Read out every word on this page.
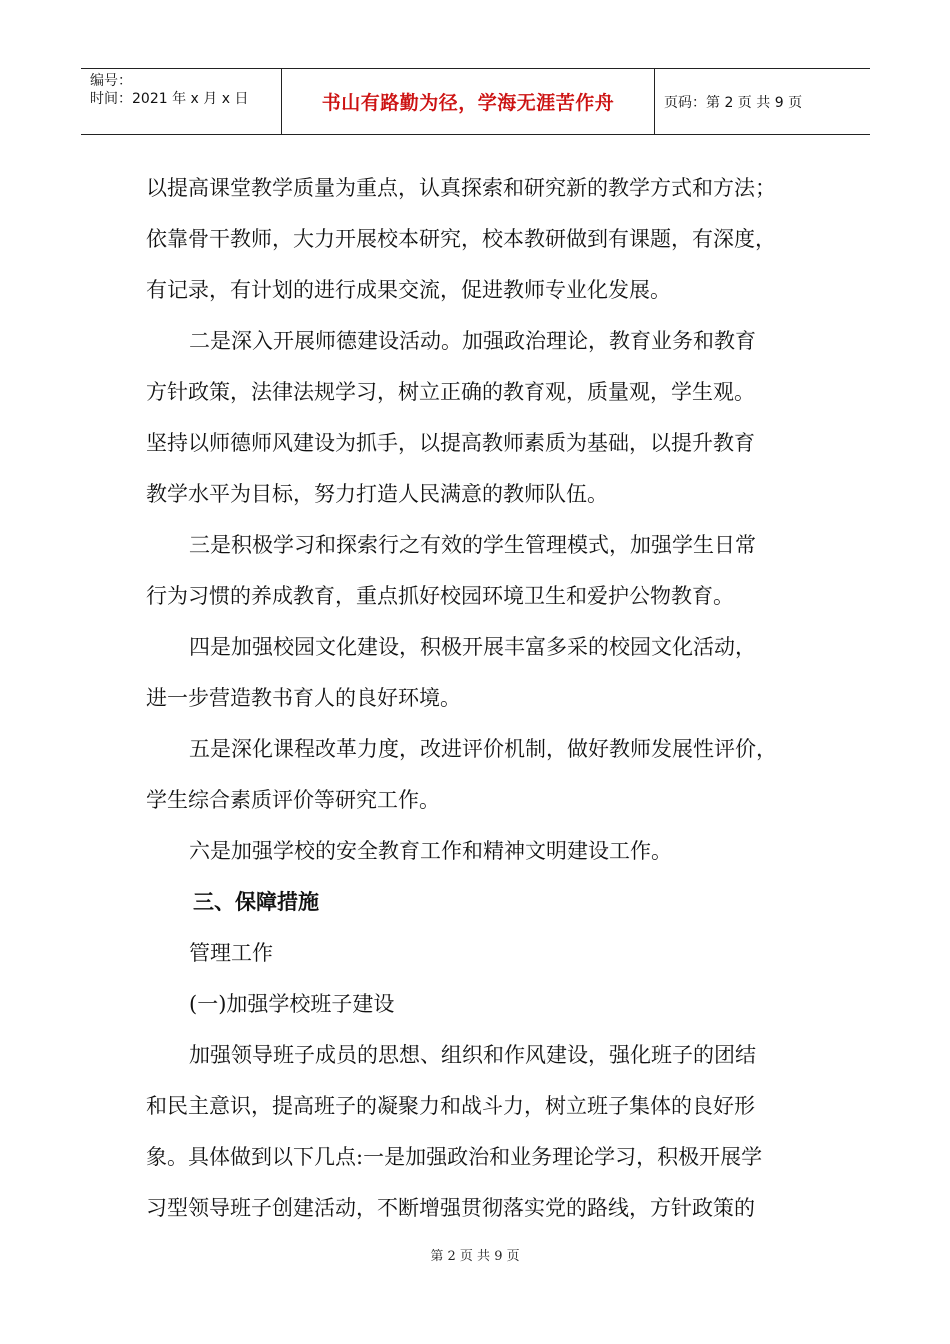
编号：
时间：2021 年 x 月 x 日	书山有路勤为径，学海无涯苦作舟	页码：第 2 页 共 9 页
以提高课堂教学质量为重点，认真探索和研究新的教学方式和方法；
依靠骨干教师，大力开展校本研究，校本教研做到有课题，有深度，
有记录，有计划的进行成果交流，促进教师专业化发展。
二是深入开展师德建设活动。加强政治理论，教育业务和教育
方针政策，法律法规学习，树立正确的教育观，质量观，学生观。
坚持以师德师风建设为抓手，以提高教师素质为基础，以提升教育
教学水平为目标，努力打造人民满意的教师队伍。
三是积极学习和探索行之有效的学生管理模式，加强学生日常
行为习惯的养成教育，重点抓好校园环境卫生和爱护公物教育。
四是加强校园文化建设，积极开展丰富多采的校园文化活动，
进一步营造教书育人的良好环境。
五是深化课程改革力度，改进评价机制，做好教师发展性评价，
学生综合素质评价等研究工作。
六是加强学校的安全教育工作和精神文明建设工作。
三、保障措施
管理工作
(一)加强学校班子建设
加强领导班子成员的思想、组织和作风建设，强化班子的团结
和民主意识，提高班子的凝聚力和战斗力，树立班子集体的良好形
象。具体做到以下几点:一是加强政治和业务理论学习，积极开展学
习型领导班子创建活动，不断增强贯彻落实党的路线，方针政策的
第 2 页 共 9 页
